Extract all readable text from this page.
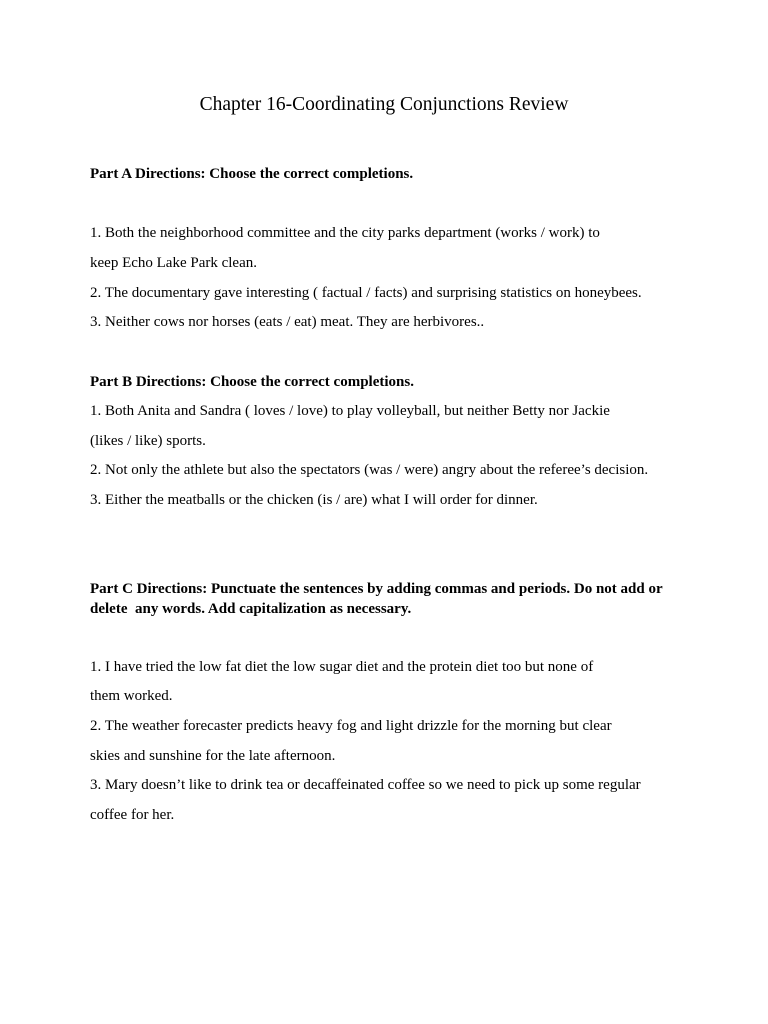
Chapter 16-Coordinating Conjunctions Review
Part A Directions: Choose the correct completions.
1. Both the neighborhood committee and the city parks department (works / work) to
keep Echo Lake Park clean.
2. The documentary gave interesting ( factual / facts) and surprising statistics on honeybees.
3. Neither cows nor horses (eats / eat) meat. They are herbivores..
Part B Directions: Choose the correct completions.
1. Both Anita and Sandra ( loves / love) to play volleyball, but neither Betty nor Jackie
(likes / like) sports.
2. Not only the athlete but also the spectators (was / were) angry about the referee’s decision.
3. Either the meatballs or the chicken (is / are) what I will order for dinner.
Part C Directions: Punctuate the sentences by adding commas and periods. Do not add or
delete  any words. Add capitalization as necessary.
1. I have tried the low fat diet the low sugar diet and the protein diet too but none of
them worked.
2. The weather forecaster predicts heavy fog and light drizzle for the morning but clear
skies and sunshine for the late afternoon.
3. Mary doesn’t like to drink tea or decaffeinated coffee so we need to pick up some regular
coffee for her.
